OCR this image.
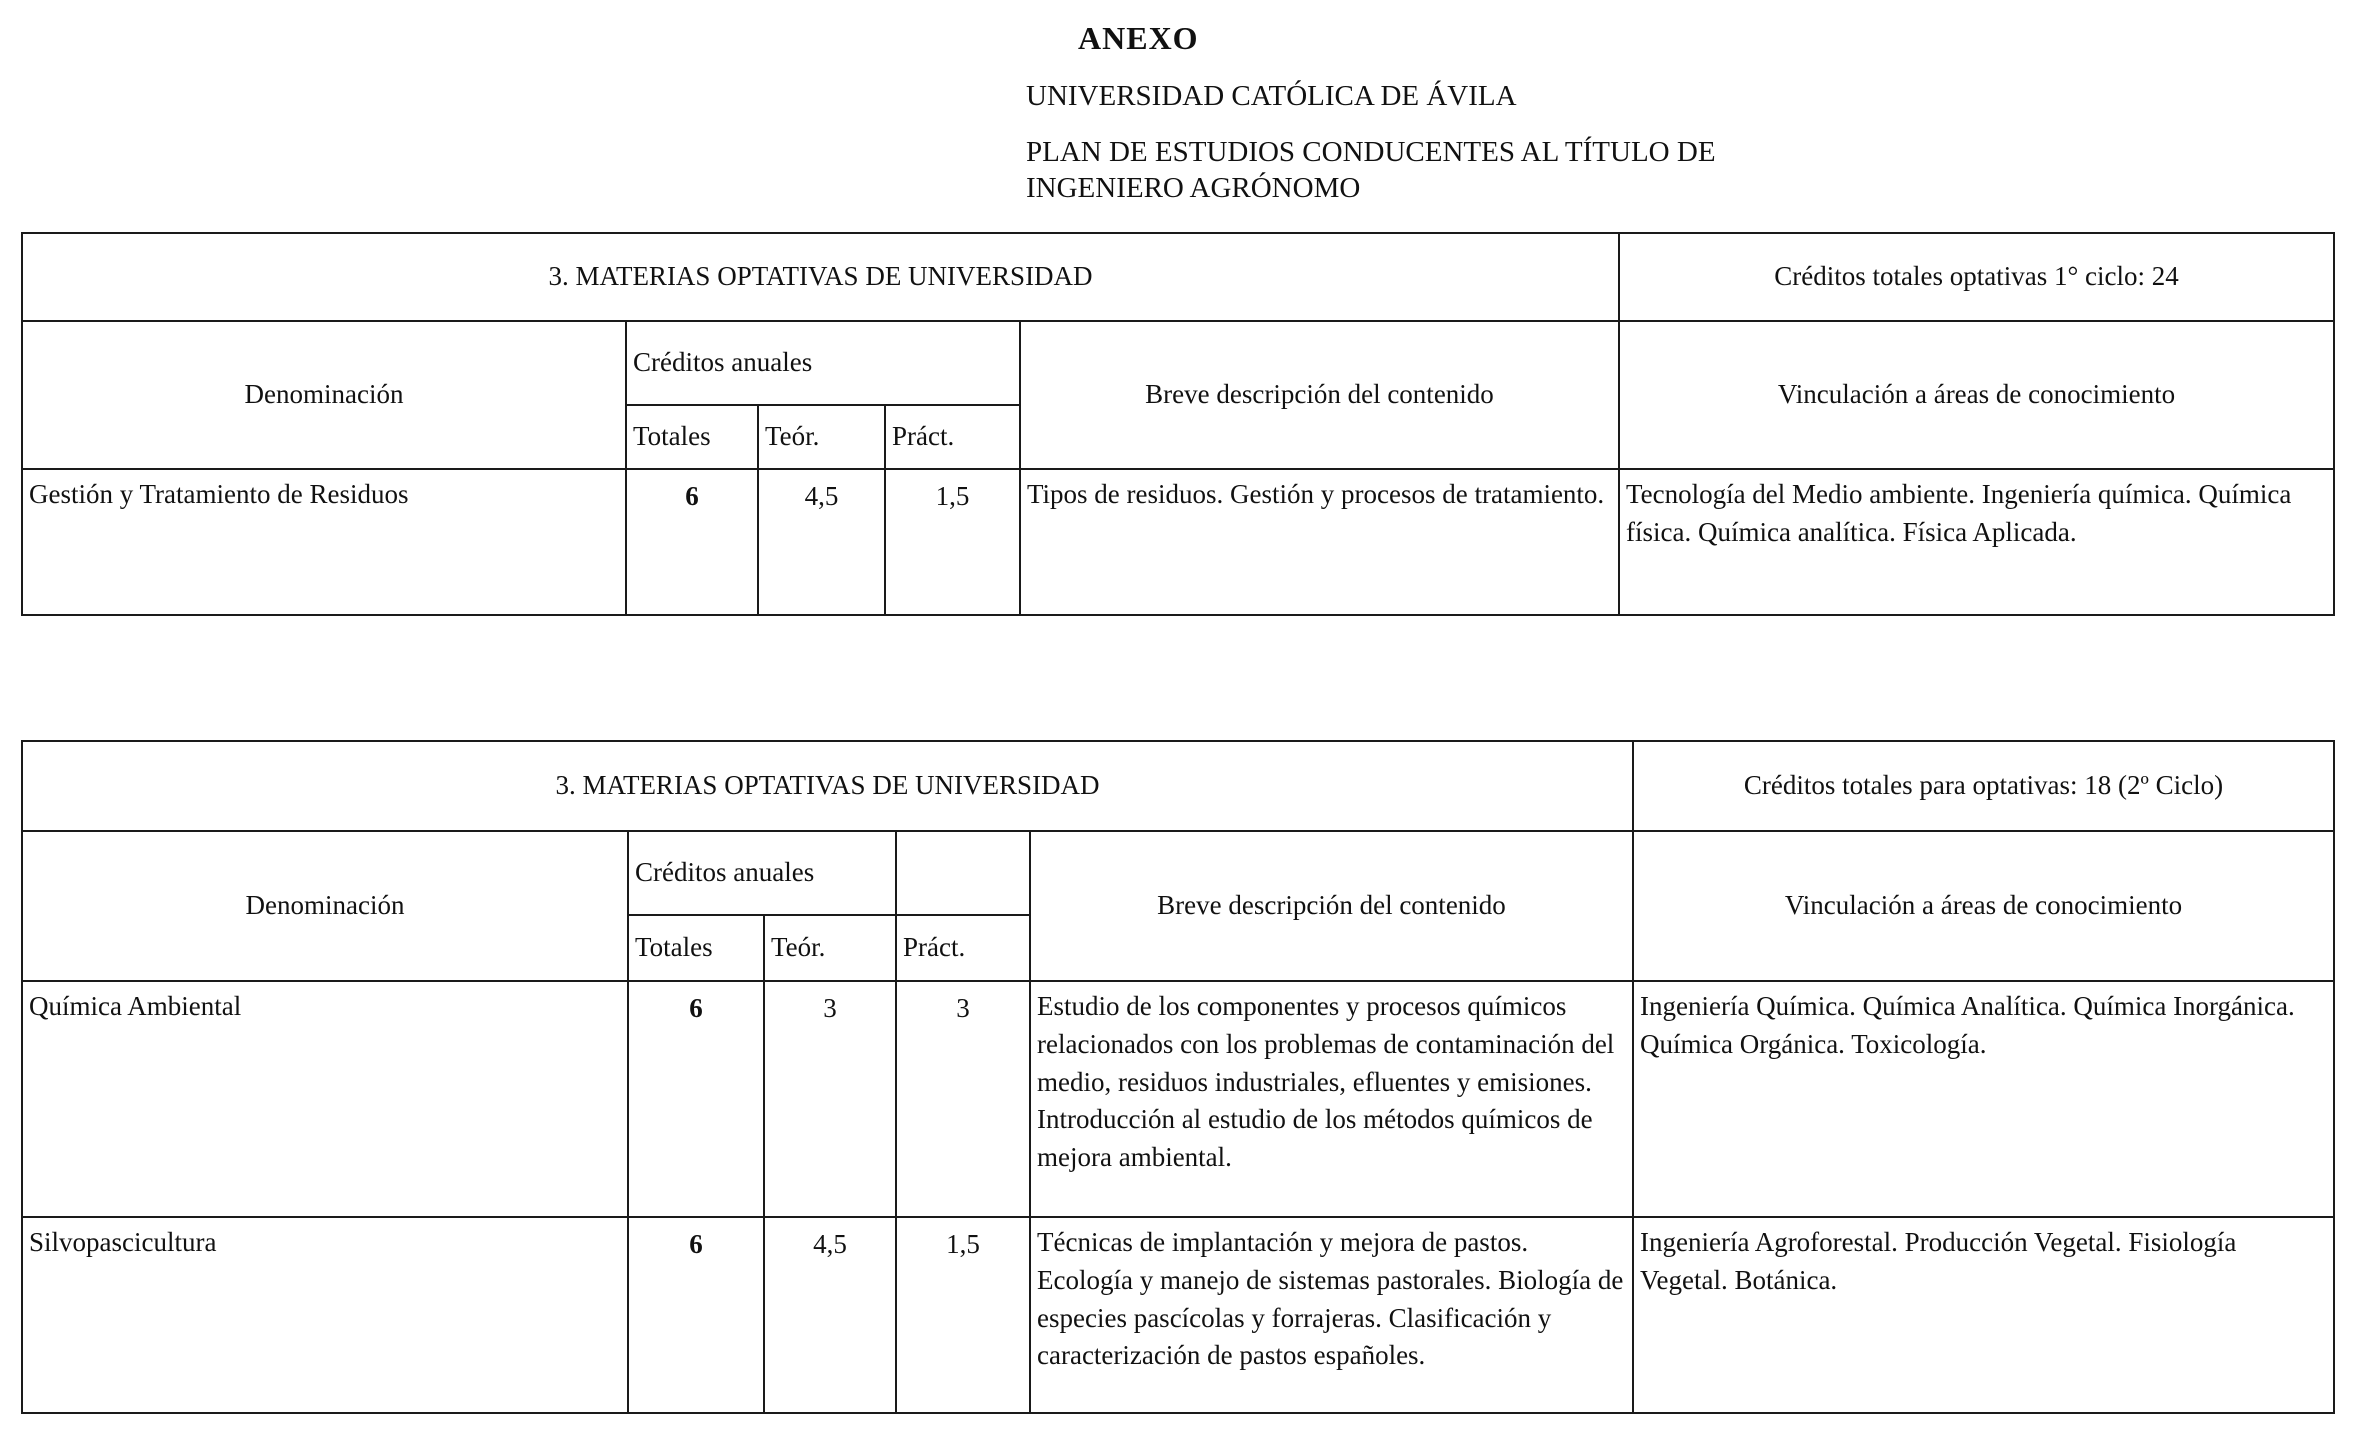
ANEXO
UNIVERSIDAD CATÓLICA DE ÁVILA
PLAN DE ESTUDIOS CONDUCENTES AL TÍTULO DE
INGENIERO AGRÓNOMO
3. MATERIAS OPTATIVAS DE UNIVERSIDAD					Créditos totales optativas 1° ciclo: 24
Denominación	Créditos anuales			Breve descripción del contenido	Vinculación a áreas de conocimiento
	Totales	Teór.	Práct.		
Gestión y Tratamiento de Residuos	6	4,5	1,5	Tipos de residuos. Gestión y procesos de tratamiento.	Tecnología del Medio ambiente. Ingeniería química. Química física. Química analítica. Física Aplicada.
3. MATERIAS OPTATIVAS DE UNIVERSIDAD					Créditos totales para optativas: 18 (2º Ciclo)
Denominación	Créditos anuales			Breve descripción del contenido	Vinculación a áreas de conocimiento
	Totales	Teór.	Práct.		
Química Ambiental	6	3	3	Estudio de los componentes y procesos químicos relacionados con los problemas de contaminación del medio, residuos industriales, efluentes y emisiones. Introducción al estudio de los métodos químicos de mejora ambiental.	Ingeniería Química. Química Analítica. Química Inorgánica. Química Orgánica. Toxicología.
Silvopascicultura	6	4,5	1,5	Técnicas de implantación y mejora de pastos. Ecología y manejo de sistemas pastorales. Biología de especies pascícolas y forrajeras. Clasificación y caracterización de pastos españoles.	Ingeniería Agroforestal. Producción Vegetal. Fisiología Vegetal. Botánica.
